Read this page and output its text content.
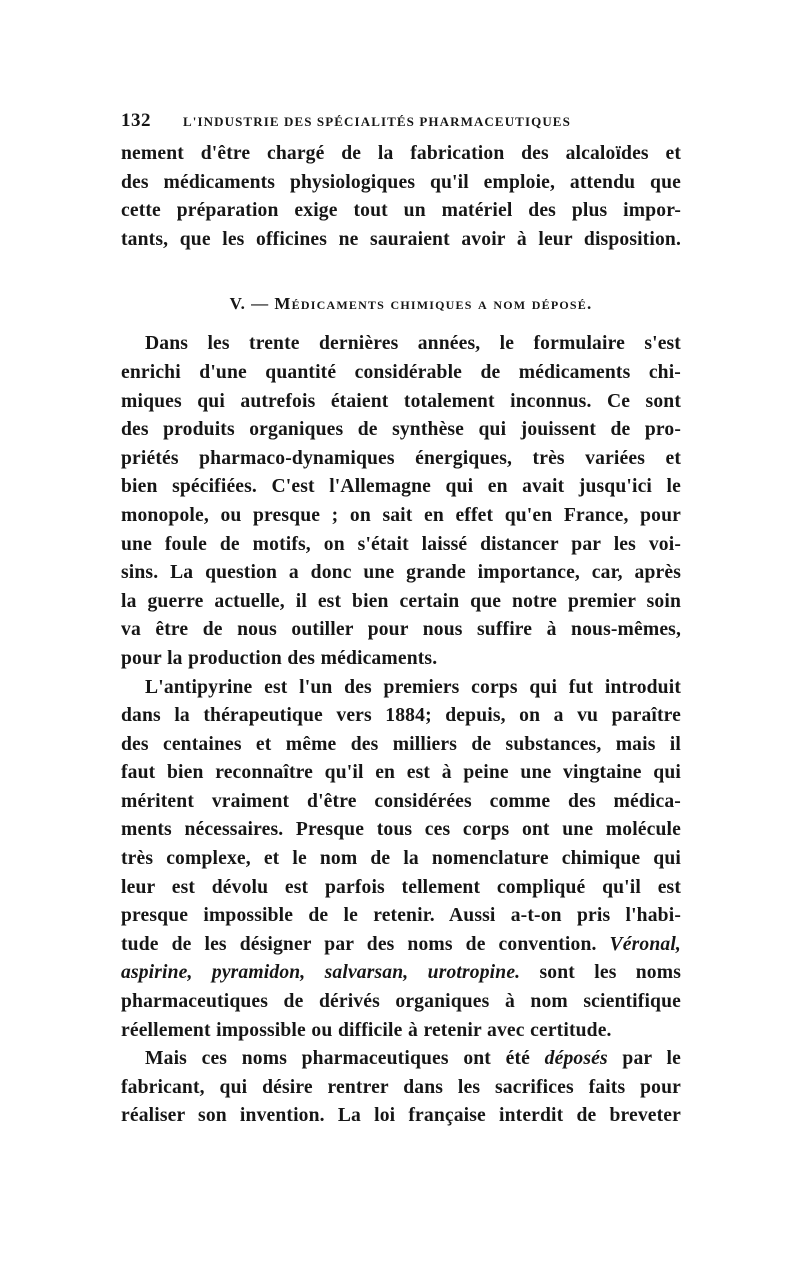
132	L'INDUSTRIE DES SPÉCIALITÉS PHARMACEUTIQUES

nement d'être chargé de la fabrication des alcaloïdes et
des médicaments physiologiques qu'il emploie, attendu que
cette préparation exige tout un matériel des plus impor-
tants, que les officines ne sauraient avoir à leur disposition.

V. — Médicaments chimiques a nom déposé.

Dans les trente dernières années, le formulaire s'est
enrichi d'une quantité considérable de médicaments chi-
miques qui autrefois étaient totalement inconnus. Ce sont
des produits organiques de synthèse qui jouissent de pro-
priétés pharmaco-dynamiques énergiques, très variées et
bien spécifiées. C'est l'Allemagne qui en avait jusqu'ici le
monopole, ou presque ; on sait en effet qu'en France, pour
une foule de motifs, on s'était laissé distancer par les voi-
sins. La question a donc une grande importance, car, après
la guerre actuelle, il est bien certain que notre premier soin
va être de nous outiller pour nous suffire à nous-mêmes,
pour la production des médicaments.

L'antipyrine est l'un des premiers corps qui fut introduit
dans la thérapeutique vers 1884; depuis, on a vu paraître
des centaines et même des milliers de substances, mais il
faut bien reconnaître qu'il en est à peine une vingtaine qui
méritent vraiment d'être considérées comme des médica-
ments nécessaires. Presque tous ces corps ont une molécule
très complexe, et le nom de la nomenclature chimique qui
leur est dévolu est parfois tellement compliqué qu'il est
presque impossible de le retenir. Aussi a-t-on pris l'habi-
tude de les désigner par des noms de convention. Véronal,
aspirine, pyramidon, salvarsan, urotropine. sont les noms
pharmaceutiques de dérivés organiques à nom scientifique
réellement impossible ou difficile à retenir avec certitude.

Mais ces noms pharmaceutiques ont été déposés par le
fabricant, qui désire rentrer dans les sacrifices faits pour
réaliser son invention. La loi française interdit de breveter
